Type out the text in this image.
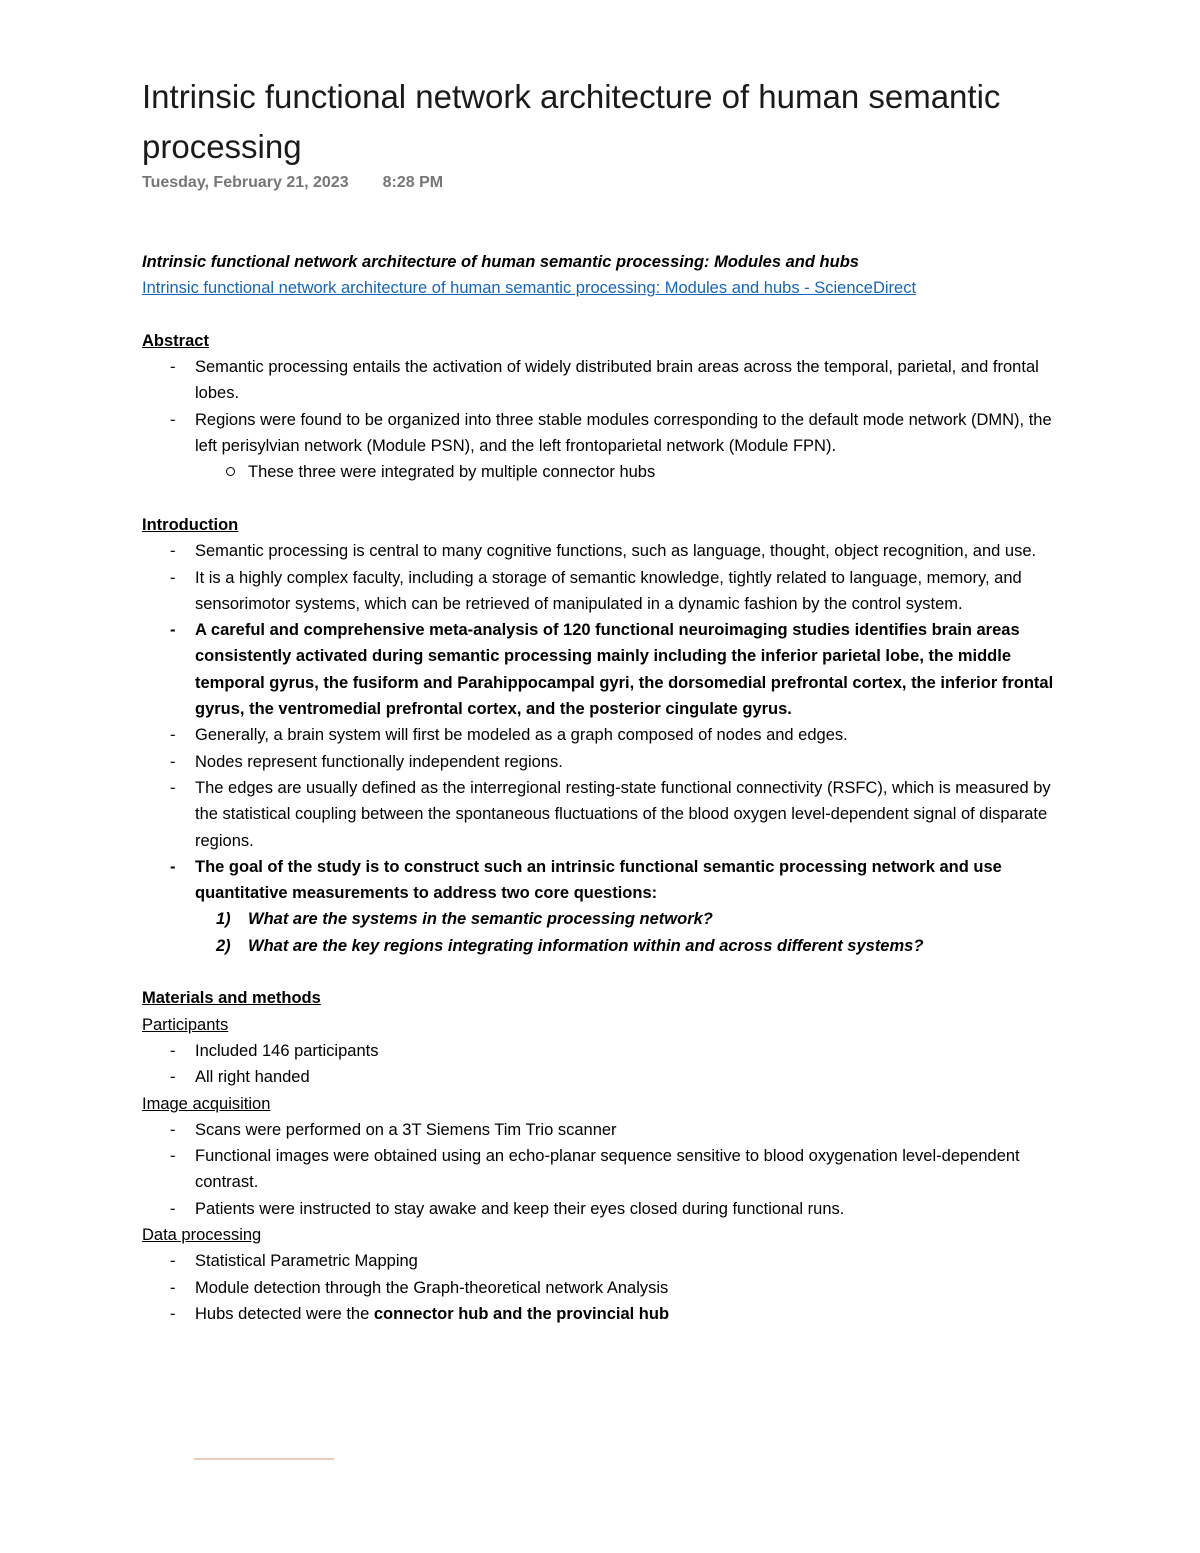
Intrinsic functional network architecture of human semantic processing
Tuesday, February 21, 2023 8:28 PM

Intrinsic functional network architecture of human semantic processing: Modules and hubs

Intrinsic functional network architecture of human semantic processing: Modules and hubs - ScienceDirect

Abstract

- Semantic processing entails the activation of widely distributed brain areas across the temporal, parietal, and frontal lobes.
- Regions were found to be organized into three stable modules corresponding to the default mode network (DMN), the left perisylvian network (Module PSN), and the left frontoparietal network (Module FPN).
These three were integrated by multiple connector hubs

Introduction

- Semantic processing is central to many cognitive functions, such as language, thought, object recognition, and use.
- It is a highly complex faculty, including a storage of semantic knowledge, tightly related to language, memory, and sensorimotor systems, which can be retrieved of manipulated in a dynamic fashion by the control system.
- A careful and comprehensive meta-analysis of 120 functional neuroimaging studies identifies brain areas consistently activated during semantic processing mainly including the inferior parietal lobe, the middle temporal gyrus, the fusiform and Parahippocampal gyri, the dorsomedial prefrontal cortex, the inferior frontal gyrus, the ventromedial prefrontal cortex, and the posterior cingulate gyrus.
- Generally, a brain system will first be modeled as a graph composed of nodes and edges.
- Nodes represent functionally independent regions.
- The edges are usually defined as the interregional resting-state functional connectivity (RSFC), which is measured by the statistical coupling between the spontaneous fluctuations of the blood oxygen level-dependent signal of disparate regions.
- The goal of the study is to construct such an intrinsic functional semantic processing network and use quantitative measurements to address two core questions:
1) What are the systems in the semantic processing network?
2) What are the key regions integrating information within and across different systems?

Materials and methods

Participants

- Included 146 participants
- All right handed

Image acquisition

- Scans were performed on a 3T Siemens Tim Trio scanner
- Functional images were obtained using an echo-planar sequence sensitive to blood oxygenation level-dependent contrast.
- Patients were instructed to stay awake and keep their eyes closed during functional runs.

Data processing

- Statistical Parametric Mapping
- Module detection through the Graph-theoretical network Analysis
- Hubs detected were the connector hub and the provincial hub
